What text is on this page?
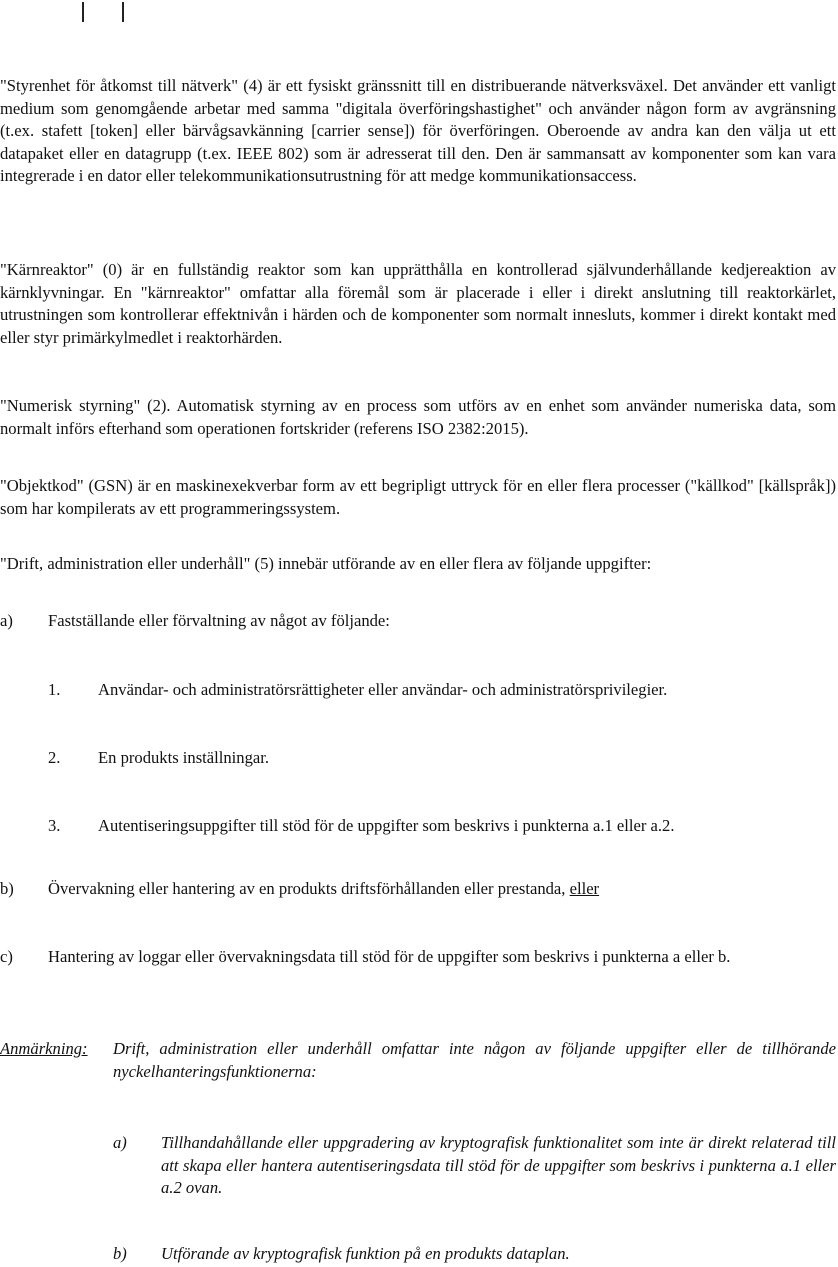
"Styrenhet för åtkomst till nätverk" (4) är ett fysiskt gränssnitt till en distribuerande nätverksväxel. Det använder ett vanligt medium som genomgående arbetar med samma "digitala överföringshastighet" och använder någon form av avgränsning (t.ex. stafett [token] eller bärvågsavkänning [carrier sense]) för överföringen. Oberoende av andra kan den välja ut ett datapaket eller en datagrupp (t.ex. IEEE 802) som är adresserat till den. Den är sammansatt av komponenter som kan vara integrerade i en dator eller telekommunikationsutrustning för att medge kommunikationsaccess.

"Kärnreaktor" (0) är en fullständig reaktor som kan upprätthålla en kontrollerad självunderhållande kedjereaktion av kärnklyvningar. En "kärnreaktor" omfattar alla föremål som är placerade i eller i direkt anslutning till reaktorkärlet, utrustningen som kontrollerar effektnivån i härden och de komponenter som normalt innesluts, kommer i direkt kontakt med eller styr primärkylmedlet i reaktorhärden.

"Numerisk styrning" (2). Automatisk styrning av en process som utförs av en enhet som använder numeriska data, som normalt införs efterhand som operationen fortskrider (referens ISO 2382:2015).

"Objektkod" (GSN) är en maskinexekverbar form av ett begripligt uttryck för en eller flera processer ("källkod" [källspråk]) som har kompilerats av ett programmeringssystem.

"Drift, administration eller underhåll" (5) innebär utförande av en eller flera av följande uppgifter:

a) Fastställande eller förvaltning av något av följande:
1. Användar- och administratörsrättigheter eller användar- och administratörsprivilegier.
2. En produkts inställningar.
3. Autentiseringsuppgifter till stöd för de uppgifter som beskrivs i punkterna a.1 eller a.2.
b) Övervakning eller hantering av en produkts driftsförhållanden eller prestanda, eller
c) Hantering av loggar eller övervakningsdata till stöd för de uppgifter som beskrivs i punkterna a eller b.
Anmärkning: Drift, administration eller underhåll omfattar inte någon av följande uppgifter eller de tillhörande nyckelhanteringsfunktionerna:
a) Tillhandahållande eller uppgradering av kryptografisk funktionalitet som inte är direkt relaterad till att skapa eller hantera autentiseringsdata till stöd för de uppgifter som beskrivs i punkterna a.1 eller a.2 ovan.
b) Utförande av kryptografisk funktion på en produkts dataplan.
